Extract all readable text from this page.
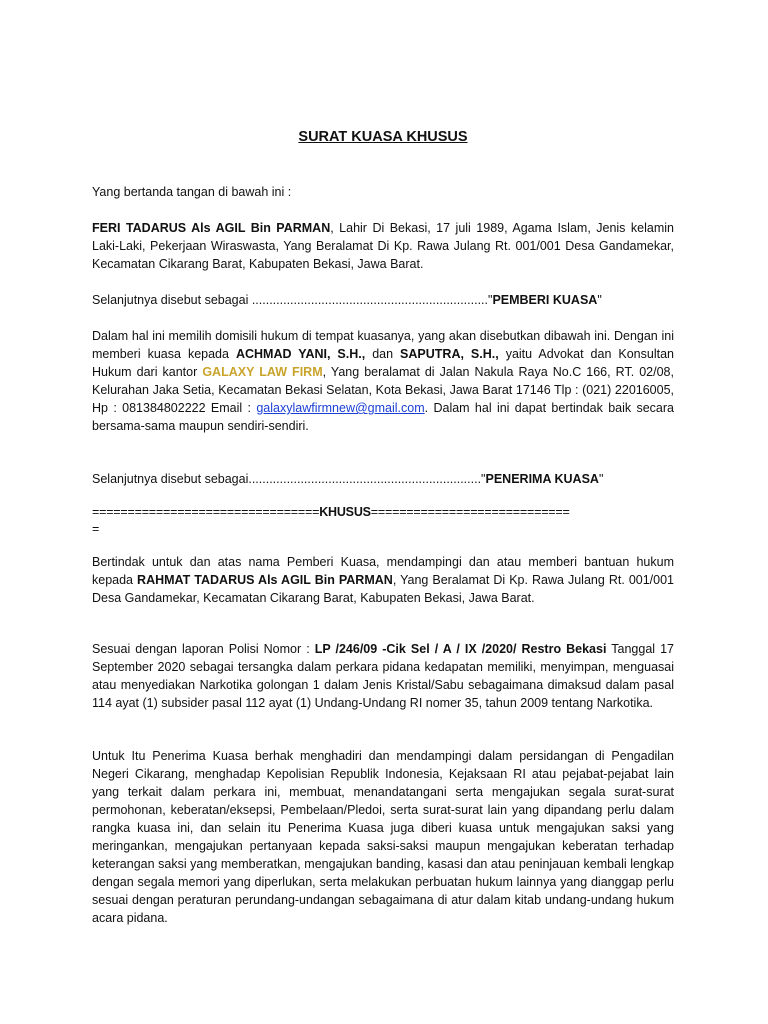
SURAT KUASA KHUSUS

Yang bertanda tangan di bawah ini :

FERI TADARUS Als AGIL Bin PARMAN, Lahir Di Bekasi, 17 juli 1989, Agama Islam, Jenis kelamin Laki-Laki, Pekerjaan Wiraswasta, Yang Beralamat Di Kp. Rawa Julang Rt. 001/001 Desa Gandamekar, Kecamatan Cikarang Barat, Kabupaten Bekasi, Jawa Barat.

Selanjutnya disebut sebagai ...................................................................."PEMBERI KUASA"

Dalam hal ini memilih domisili hukum di tempat kuasanya, yang akan disebutkan dibawah ini. Dengan ini memberi kuasa kepada ACHMAD YANI, S.H., dan SAPUTRA, S.H., yaitu Advokat dan Konsultan Hukum dari kantor GALAXY LAW FIRM, Yang beralamat di Jalan Nakula Raya No.C 166, RT. 02/08, Kelurahan Jaka Setia, Kecamatan Bekasi Selatan, Kota Bekasi, Jawa Barat 17146 Tlp : (021) 22016005, Hp : 081384802222 Email : galaxylawfirmnew@gmail.com. Dalam hal ini dapat bertindak baik secara bersama-sama maupun sendiri-sendiri.

Selanjutnya disebut sebagai..................................................................."PENERIMA KUASA"

================================KHUSUS============================

=

Bertindak untuk dan atas nama Pemberi Kuasa, mendampingi dan atau memberi bantuan hukum kepada RAHMAT TADARUS Als AGIL Bin PARMAN, Yang Beralamat Di Kp. Rawa Julang Rt. 001/001 Desa Gandamekar, Kecamatan Cikarang Barat, Kabupaten Bekasi, Jawa Barat.

Sesuai dengan laporan Polisi Nomor : LP /246/09 -Cik Sel / A / IX /2020/ Restro Bekasi Tanggal 17 September 2020 sebagai tersangka dalam perkara pidana kedapatan memiliki, menyimpan, menguasai atau menyediakan Narkotika golongan 1 dalam Jenis Kristal/Sabu sebagaimana dimaksud dalam pasal 114 ayat (1) subsider pasal 112 ayat (1) Undang-Undang RI nomer 35, tahun 2009 tentang Narkotika.

Untuk Itu Penerima Kuasa berhak menghadiri dan mendampingi dalam persidangan di Pengadilan Negeri Cikarang, menghadap Kepolisian Republik Indonesia, Kejaksaan RI atau pejabat-pejabat lain yang terkait dalam perkara ini, membuat, menandatangani serta mengajukan segala surat-surat permohonan, keberatan/eksepsi, Pembelaan/Pledoi, serta surat-surat lain yang dipandang perlu dalam rangka kuasa ini, dan selain itu Penerima Kuasa juga diberi kuasa untuk mengajukan saksi yang meringankan, mengajukan pertanyaan kepada saksi-saksi maupun mengajukan keberatan terhadap keterangan saksi yang memberatkan, mengajukan banding, kasasi dan atau peninjauan kembali lengkap dengan segala memori yang diperlukan, serta melakukan perbuatan hukum lainnya yang dianggap perlu sesuai dengan peraturan perundang-undangan sebagaimana di atur dalam kitab undang-undang hukum acara pidana.
